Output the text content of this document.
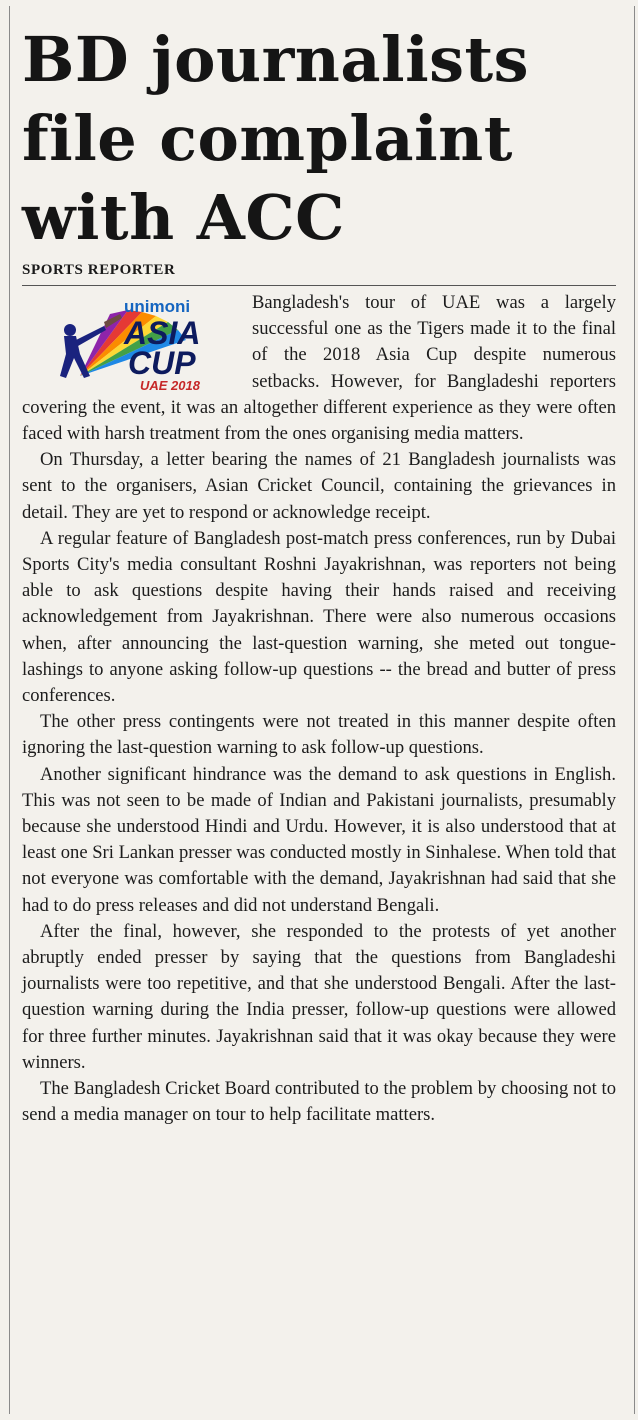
BD journalists
file complaint
with ACC
SPORTS REPORTER
unimoni
ASIA
CUP
UAE 2018

Bangladesh's tour of UAE was a largely successful one as the Tigers made it to the final of the 2018 Asia Cup despite numerous setbacks. However, for Bangladeshi reporters covering the event, it was an altogether different experience as they were often faced with harsh treatment from the ones organising media matters.

On Thursday, a letter bearing the names of 21 Bangladesh journalists was sent to the organisers, Asian Cricket Council, containing the grievances in detail. They are yet to respond or acknowledge receipt.

A regular feature of Bangladesh post-match press conferences, run by Dubai Sports City's media consultant Roshni Jayakrishnan, was reporters not being able to ask questions despite having their hands raised and receiving acknowledgement from Jayakrishnan. There were also numerous occasions when, after announcing the last-question warning, she meted out tongue-lashings to anyone asking follow-up questions -- the bread and butter of press conferences.

The other press contingents were not treated in this manner despite often ignoring the last-question warning to ask follow-up questions.

Another significant hindrance was the demand to ask questions in English. This was not seen to be made of Indian and Pakistani journalists, presumably because she understood Hindi and Urdu. However, it is also understood that at least one Sri Lankan presser was conducted mostly in Sinhalese. When told that not everyone was comfortable with the demand, Jayakrishnan had said that she had to do press releases and did not understand Bengali.

After the final, however, she responded to the protests of yet another abruptly ended presser by saying that the questions from Bangladeshi journalists were too repetitive, and that she understood Bengali. After the last-question warning during the India presser, follow-up questions were allowed for three further minutes. Jayakrishnan said that it was okay because they were winners.

The Bangladesh Cricket Board contributed to the problem by choosing not to send a media manager on tour to help facilitate matters.
